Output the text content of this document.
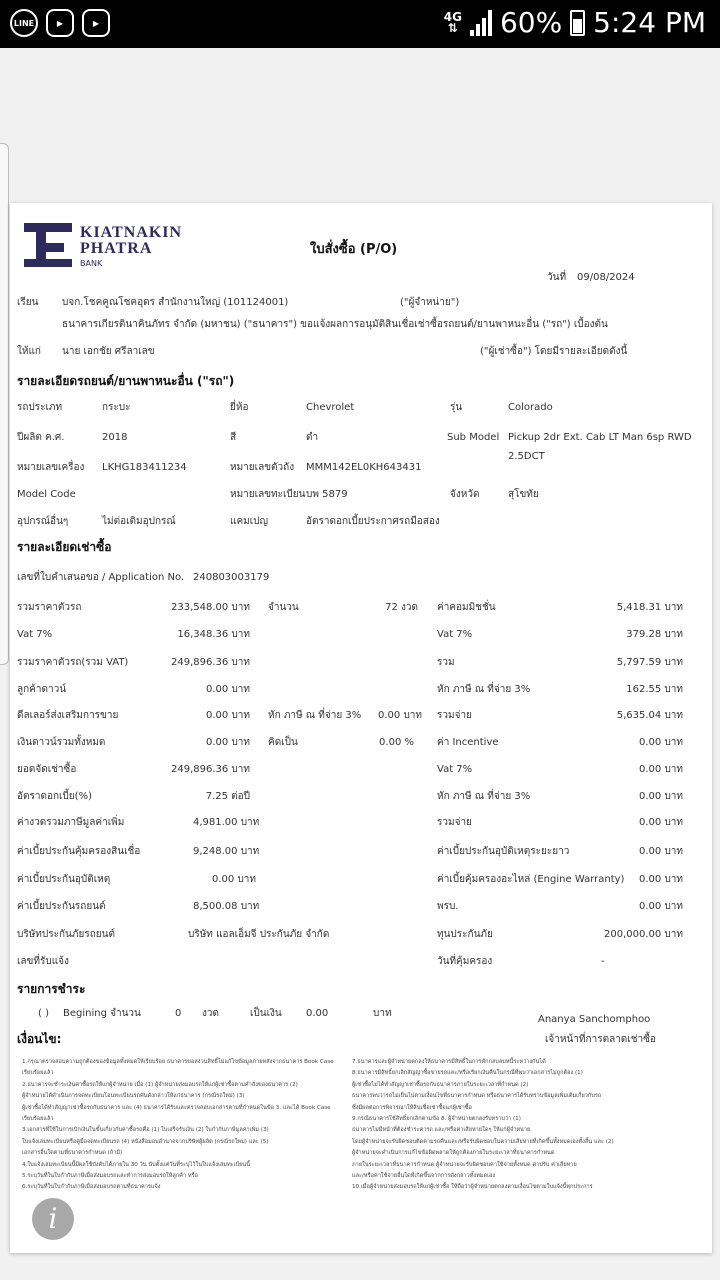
LINE	▶	▶	4G
⇅ 60% 5:24 PM
KIATNAKIN
PHATRA
BANK
ใบสั่งซื้อ (P/O)
วันที่ 09/08/2024
เรียน บจก.โชคคูณโชคอุดร สำนักงานใหญ่ (101124001)	("ผู้จำหน่าย")
ธนาคารเกียรตินาคินภัทร จำกัด (มหาชน) ("ธนาคาร") ขอแจ้งผลการอนุมัติสินเชื่อเช่าซื้อรถยนต์/ยานพาหนะอื่น ("รถ") เบื้องต้น
ให้แก่ นาย เอกชัย ศรีลาเลข	("ผู้เช่าซื้อ") โดยมีรายละเอียดดังนี้
รายละเอียดรถยนต์/ยานพาหนะอื่น ("รถ")
รถประเภท	กระบะ	ยี่ห้อ	Chevrolet	รุ่น	Colorado
ปีผลิต ค.ศ.	2018	สี	ดำ	Sub Model Pickup 2dr Ext. Cab LT Man 6sp RWD
2.5DCT
หมายเลขเครื่อง LKHG183411234	หมายเลขตัวถัง MMM142EL0KH643431
Model Code	หมายเลขทะเบียน บพ 5879	จังหวัด	สุโขทัย
อุปกรณ์อื่นๆ	ไม่ต่อเติมอุปกรณ์	แคมเปญ	อัตราดอกเบี้ยประกาศรถมือสอง
รายละเอียดเช่าซื้อ
เลขที่ใบคำเสนอขอ / Application No. 240803003179
รวมราคาตัวรถ	233,548.00 บาท จำนวน	72 งวด ค่าคอมมิชชั่น	5,418.31 บาท
Vat 7%	16,348.36 บาท	Vat 7%	379.28 บาท
รวมราคาตัวรถ(รวม VAT)	249,896.36 บาท	รวม	5,797.59 บาท
ลูกค้าดาวน์	0.00 บาท	หัก ภาษี ณ ที่จ่าย 3%	162.55 บาท
ดีลเลอร์ส่งเสริมการขาย	0.00 บาท หัก ภาษี ณ ที่จ่าย 3%	0.00 บาท รวมจ่าย	5,635.04 บาท
เงินดาวน์รวมทั้งหมด	0.00 บาท คิดเป็น	0.00 % ค่า Incentive	0.00 บาท
ยอดจัดเช่าซื้อ	249,896.36 บาท	Vat 7%	0.00 บาท
อัตราดอกเบี้ย(%)	7.25 ต่อปี	หัก ภาษี ณ ที่จ่าย 3%	0.00 บาท
ค่างวดรวมภาษีมูลค่าเพิ่ม	4,981.00 บาท	รวมจ่าย	0.00 บาท
ค่าเบี้ยประกันคุ้มครองสินเชื่อ	9,248.00 บาท	ค่าเบี้ยประกันอุบัติเหตุระยะยาว	0.00 บาท
ค่าเบี้ยประกันอุบัติเหตุ	0.00 บาท	ค่าเบี้ยคุ้มครองอะไหล่ (Engine Warranty)	0.00 บาท
ค่าเบี้ยประกันรถยนต์	8,500.08 บาท	พรบ.	0.00 บาท
บริษัทประกันภัยรถยนต์	บริษัท แอลเอ็มจี ประกันภัย จำกัด	ทุนประกันภัย	200,000.00 บาท
เลขที่รับแจ้ง	วันที่คุ้มครอง	-
รายการชำระ
( ) Begining จำนวน	0 งวด	เป็นเงิน 0.00	บาท
Ananya Sanchomphoo
เจ้าหน้าที่การตลาดเช่าซื้อ
เงื่อนไข:
1.กรุณาตรวจสอบความถูกต้องของข้อมูลทั้งหมดให้เรียบร้อย ธนาคารขอสงวนสิทธิ์ไม่แก้ไขข้อมูลภายหลังจากธนาคาร Book Case
เรียบร้อยแล้ว
2.ธนาคารจะชำระเงินค่าซื้อรถให้แก่ผู้จำหน่าย เมื่อ (1) ผู้จำหน่ายส่งมอบรถให้แก่ผู้เช่าซื้อตามคำสั่งของธนาคาร (2)
ผู้จำหน่ายได้ดำเนินการจดทะเบียนโอนทะเบียนรถคันดังกล่าวให้แก่ธนาคาร (กรณีรถใหม่) (3)
ผู้เช่าซื้อได้ทำสัญญาเช่าซื้อรถกับธนาคาร และ (4) ธนาคารได้รับและตรวจสอบเอกสารตามที่กำหนดในข้อ 3. และได้ Book Case
เรียบร้อยแล้ว
3.เอกสารที่ใช้ในการเบิกเงินในขั้นเกี่ยวกับค่าซื้อรถคือ (1) ใบเสร็จรับเงิน (2) ใบกำกับภาษีมูลค่าเพิ่ม (3)
ใบแจ้งเล่มทะเบียนหรือคู่มือจดทะเบียนรถ (4) หนังสือมอบอำนาจจากบริษัทผู้ผลิต (กรณีรถใหม่) และ (5)
เอกสารอื่นใดตามที่ธนาคารกำหนด (ถ้ามี)
4.ใบแจ้งเล่มทะเบียนนี้มีผลใช้บังคับได้ภายใน 30 วัน นับตั้งแต่วันที่ระบุไว้ในใบแจ้งเล่มทะเบียนนี้
5.ระบุวันที่ในใบกำกับภาษีเมื่อส่งมอบรถและทำการส่งมอบรถให้ลูกค้า หรือ
6.ระบุวันที่ในใบกำกับภาษีเมื่อส่งมอบรถตามที่ธนาคารแจ้ง
7.ธนาคารและผู้จำหน่ายตกลงให้ธนาคารมีสิทธิ์ในการหักกลบลบหนี้ระหว่างกันได้
8.ธนาคารมีสิทธิ์ยกเลิกสัญญาซื้อขายรถและ/หรือเรียกเงินคืนในกรณีที่พบว่าเอกสารไม่ถูกต้อง (1)
ผู้เช่าซื้อไม่ได้ทำสัญญาเช่าซื้อรถกับธนาคารภายในระยะเวลาที่กำหนด (2)
ธนาคารพบว่ารถไม่เป็นไปตามเงื่อนไขที่ธนาคารกำหนด หรือธนาคารได้รับทราบข้อมูลเพิ่มเติมเกี่ยวกับรถ
ซึ่งมีผลต่อการพิจารณาให้สินเชื่อเช่าซื้อแก่ผู้เช่าซื้อ
9.กรณีธนาคารใช้สิทธิ์ยกเลิกตามข้อ 8. ผู้จำหน่ายตกลงรับทราบว่า (1)
ธนาคารไม่มีหน้าที่ต้องชำระค่ารถ และ/หรือค่าเสียหายใดๆ ให้แก่ผู้จำหน่าย
โดยผู้จำหน่ายจะรับผิดชอบติดตามรถคืนและ/หรือรับผิดชอบในความเสียหายที่เกิดขึ้นทั้งหมดเองทั้งสิ้น และ (2)
ผู้จำหน่ายจะดำเนินการแก้ไขข้อผิดพลาดให้ถูกต้องภายในระยะเวลาที่ธนาคารกำหนด
ภายในระยะเวลาที่ธนาคารกำหนด ผู้จำหน่ายจะรับผิดชอบค่าใช้จ่ายทั้งหมด ค่าปรับ ค่าเสียหาย
และ/หรือค่าใช้จ่ายอื่นใดที่เกิดขึ้นจากการดังกล่าวทั้งหมดเอง
10.เมื่อผู้จำหน่ายส่งมอบรถให้แก่ผู้เช่าซื้อ ให้ถือว่าผู้จำหน่ายตกลงตามเงื่อนไขตามใบแจ้งนี้ทุกประการ
i
